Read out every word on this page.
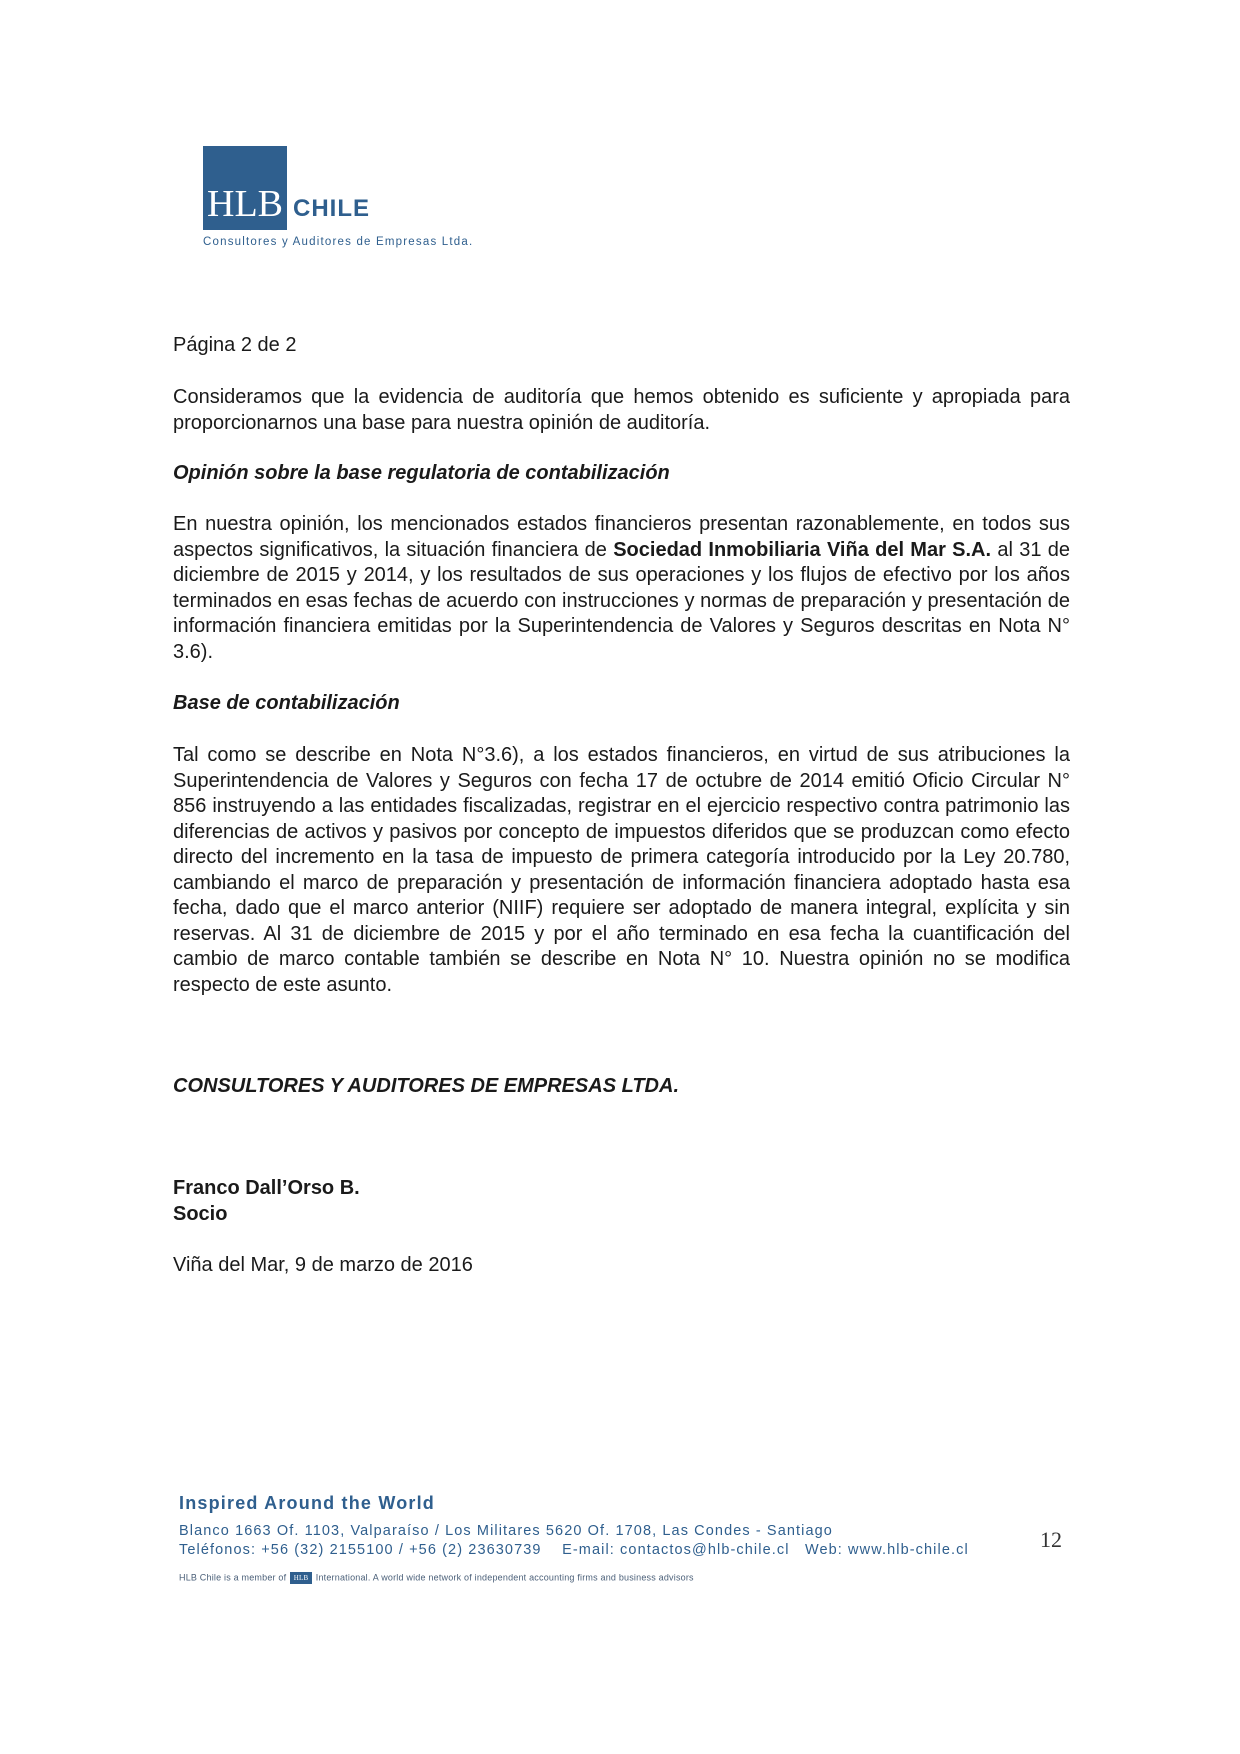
HLB CHILE
Consultores y Auditores de Empresas Ltda.
Página 2 de 2
Consideramos que la evidencia de auditoría que hemos obtenido es suficiente y apropiada para proporcionarnos una base para nuestra opinión de auditoría.
Opinión sobre la base regulatoria de contabilización
En nuestra opinión, los mencionados estados financieros presentan razonablemente, en todos sus aspectos significativos, la situación financiera de Sociedad Inmobiliaria Viña del Mar S.A. al 31 de diciembre de 2015 y 2014, y los resultados de sus operaciones y los flujos de efectivo por los años terminados en esas fechas de acuerdo con instrucciones y normas de preparación y presentación de información financiera emitidas por la Superintendencia de Valores y Seguros descritas en Nota N° 3.6).
Base de contabilización
Tal como se describe en Nota N°3.6), a los estados financieros, en virtud de sus atribuciones la Superintendencia de Valores y Seguros con fecha 17 de octubre de 2014 emitió Oficio Circular N° 856 instruyendo a las entidades fiscalizadas, registrar en el ejercicio respectivo contra patrimonio las diferencias de activos y pasivos por concepto de impuestos diferidos que se produzcan como efecto directo del incremento en la tasa de impuesto de primera categoría introducido por la Ley 20.780, cambiando el marco de preparación y presentación de información financiera adoptado hasta esa fecha, dado que el marco anterior (NIIF) requiere ser adoptado de manera integral, explícita y sin reservas. Al 31 de diciembre de 2015 y por el año terminado en esa fecha la cuantificación del cambio de marco contable también se describe en Nota N° 10. Nuestra opinión no se modifica respecto de este asunto.
CONSULTORES Y AUDITORES DE EMPRESAS LTDA.
Franco Dall’Orso B.
Socio
Viña del Mar, 9 de marzo de 2016
Inspired Around the World
Blanco 1663 Of. 1103, Valparaíso / Los Militares 5620 Of. 1708, Las Condes - Santiago
Teléfonos: +56 (32) 2155100 / +56 (2) 23630739 E-mail: contactos@hlb-chile.cl Web: www.hlb-chile.cl
HLB Chile is a member of HLB International. A world wide network of independent accounting firms and business advisors
12
